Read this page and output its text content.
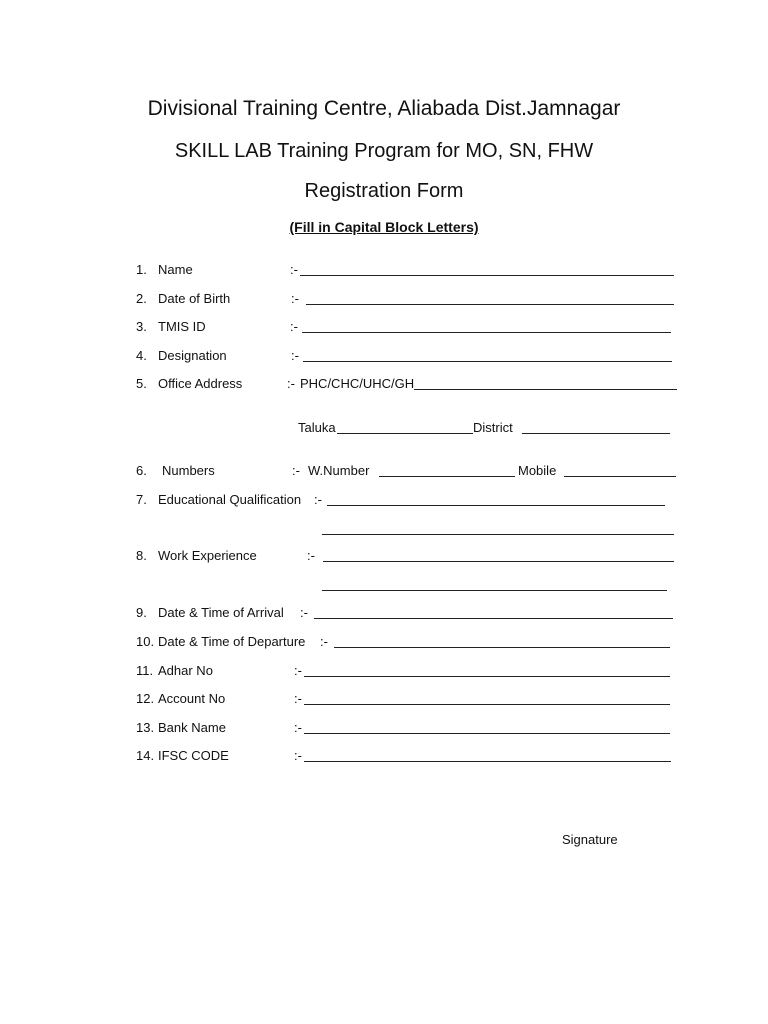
Divisional Training Centre, Aliabada Dist.Jamnagar
SKILL LAB Training Program for MO, SN, FHW
Registration Form
(Fill in Capital Block Letters)
1. Name	:-
2. Date of Birth	:-
3. TMIS ID	:-
4. Designation	:-
5. Office Address	:- PHC/CHC/UHC/GH
Taluka	District
6. Numbers	:- W.Number	Mobile
7. Educational Qualification :-
8. Work Experience	:-
9. Date & Time of Arrival :-
10. Date & Time of Departure :-
11. Adhar No	:-
12. Account No	:-
13. Bank Name	:-
14. IFSC CODE	:-
Signature
